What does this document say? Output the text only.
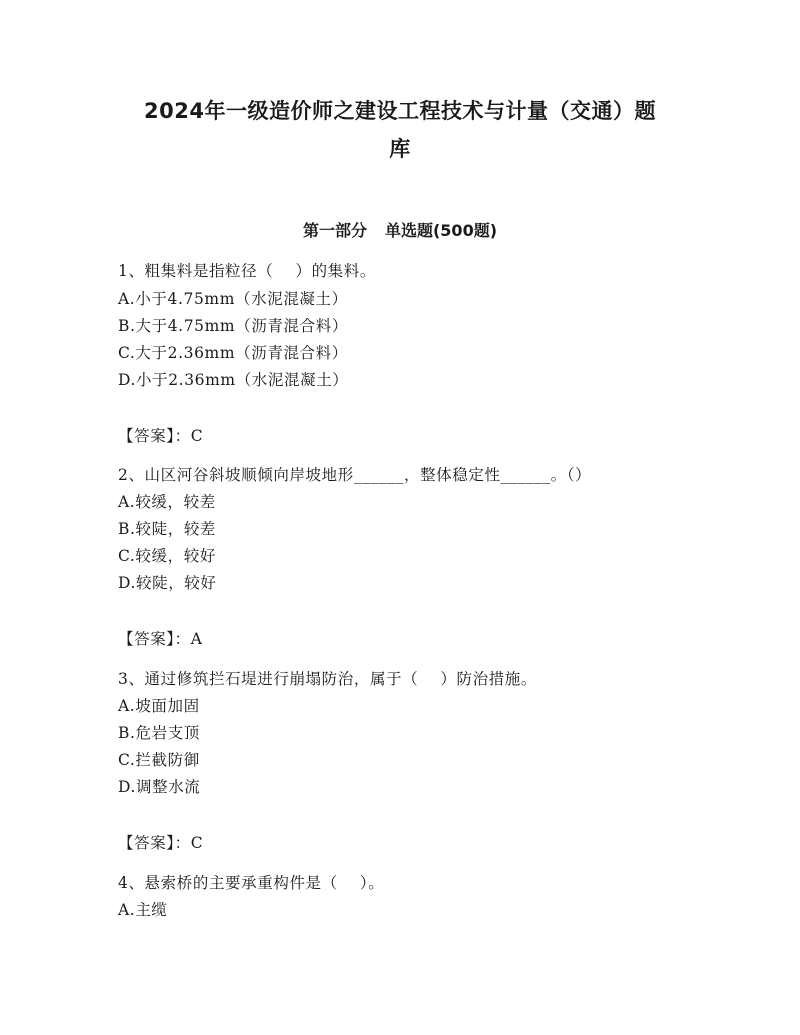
2024年一级造价师之建设工程技术与计量（交通）题
库
第一部分 单选题(500题)
1、粗集料是指粒径（    ）的集料。
A.小于4.75mm（水泥混凝土）
B.大于4.75mm（沥青混合料）
C.大于2.36mm（沥青混合料）
D.小于2.36mm（水泥混凝土）
【答案】：C
2、山区河谷斜坡顺倾向岸坡地形______，整体稳定性______。（）
A.较缓，较差
B.较陡，较差
C.较缓，较好
D.较陡，较好
【答案】：A
3、通过修筑拦石堤进行崩塌防治，属于（    ）防治措施。
A.坡面加固
B.危岩支顶
C.拦截防御
D.调整水流
【答案】：C
4、悬索桥的主要承重构件是（    ）。
A.主缆
